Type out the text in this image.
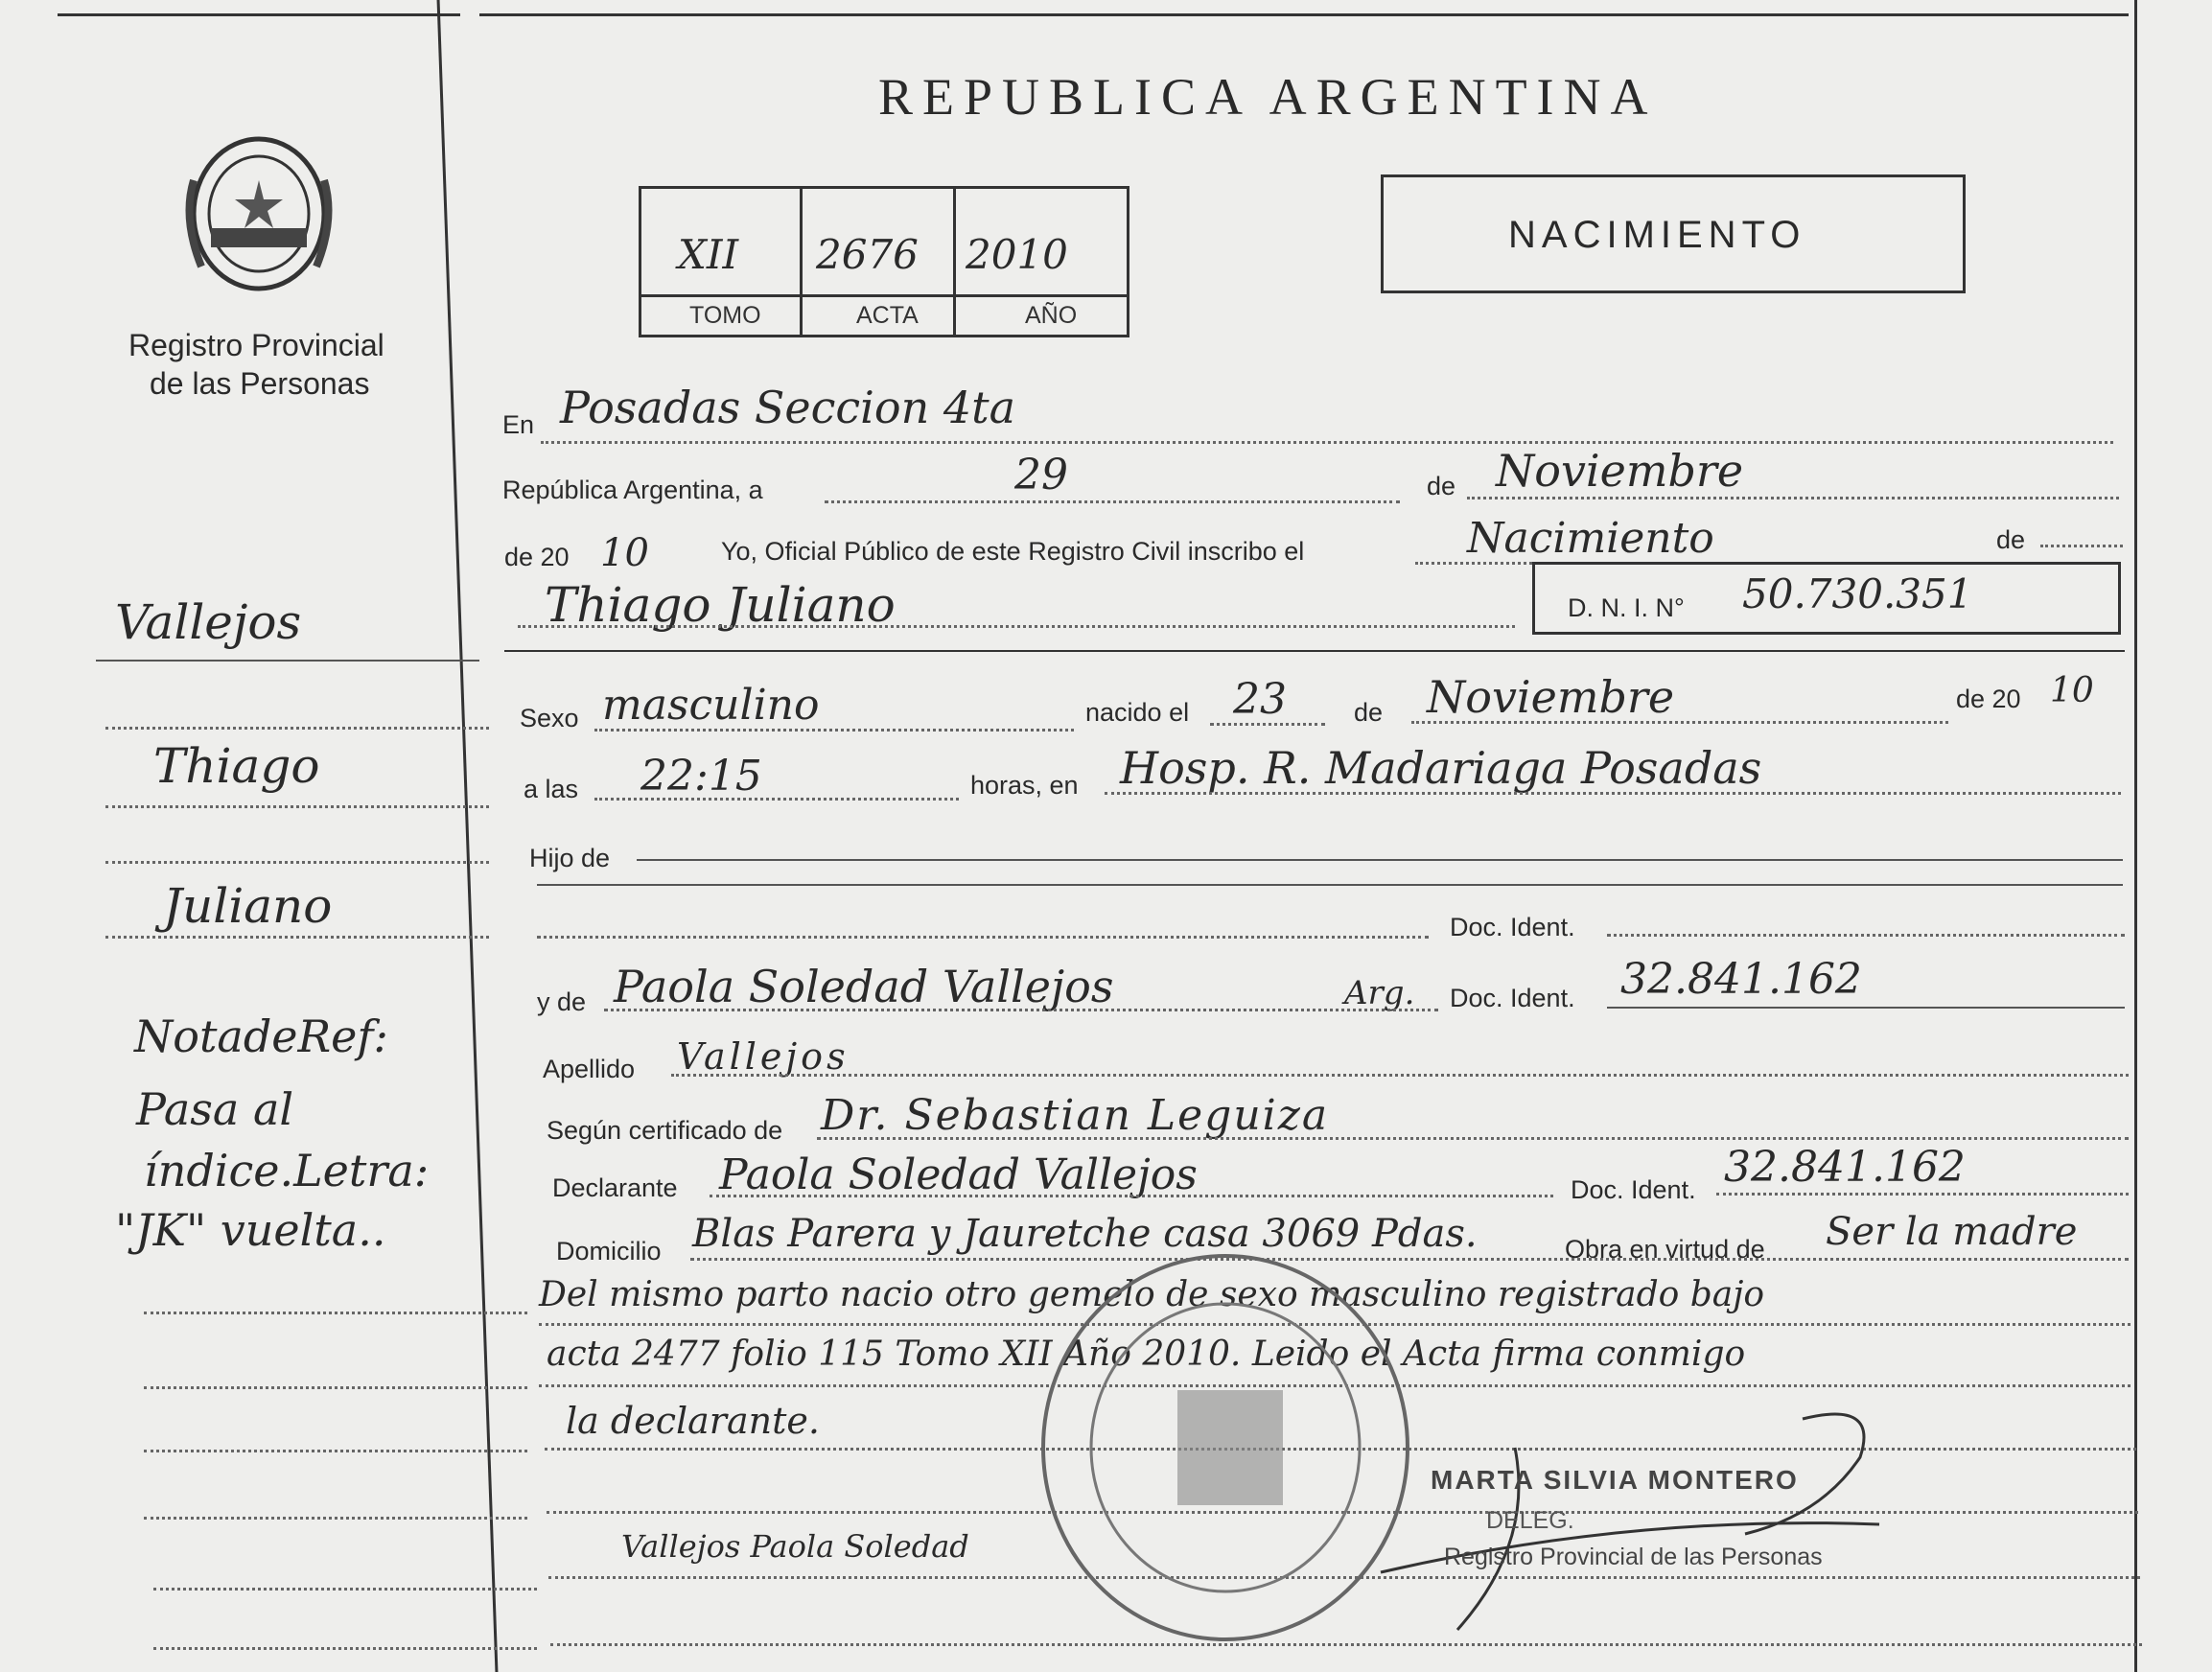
Registro Provincial
de las Personas
Vallejos
Thiago
Juliano
NotadeRef:
Pasa al
índice.Letra:
"JK" vuelta..
REPUBLICA ARGENTINA
XII 2676 2010
TOMO	ACTA	AÑO
NACIMIENTO
En Posadas Seccion 4ta
República Argentina, a	29	de Noviembre
de 20 10	Yo, Oficial Público de este Registro Civil inscribo el	Nacimiento	de
Thiago Juliano	D. N. I. N° 50.730.351
Sexo masculino	nacido el 23	de Noviembre	de 20 10
a las 22:15	horas, en Hosp. R. Madariaga Posadas
Hijo de
Doc. Ident.
y de Paola Soledad Vallejos	Arg. Doc. Ident. 32.841.162
Apellido Vallejos
Según certificado de Dr. Sebastian Leguiza
Declarante Paola Soledad Vallejos	Doc. Ident. 32.841.162
Domicilio Blas Parera y Jauretche casa 3069 Pdas.	Obra en virtud de Ser la madre
Del mismo parto nacio otro gemelo de sexo masculino registrado bajo
acta 2477 folio 115 Tomo XII Año 2010. Leido el Acta firma conmigo
la declarante.
Vallejos Paola Soledad
MARTA SILVIA MONTERO
DELEG.
Registro Provincial de las Personas
